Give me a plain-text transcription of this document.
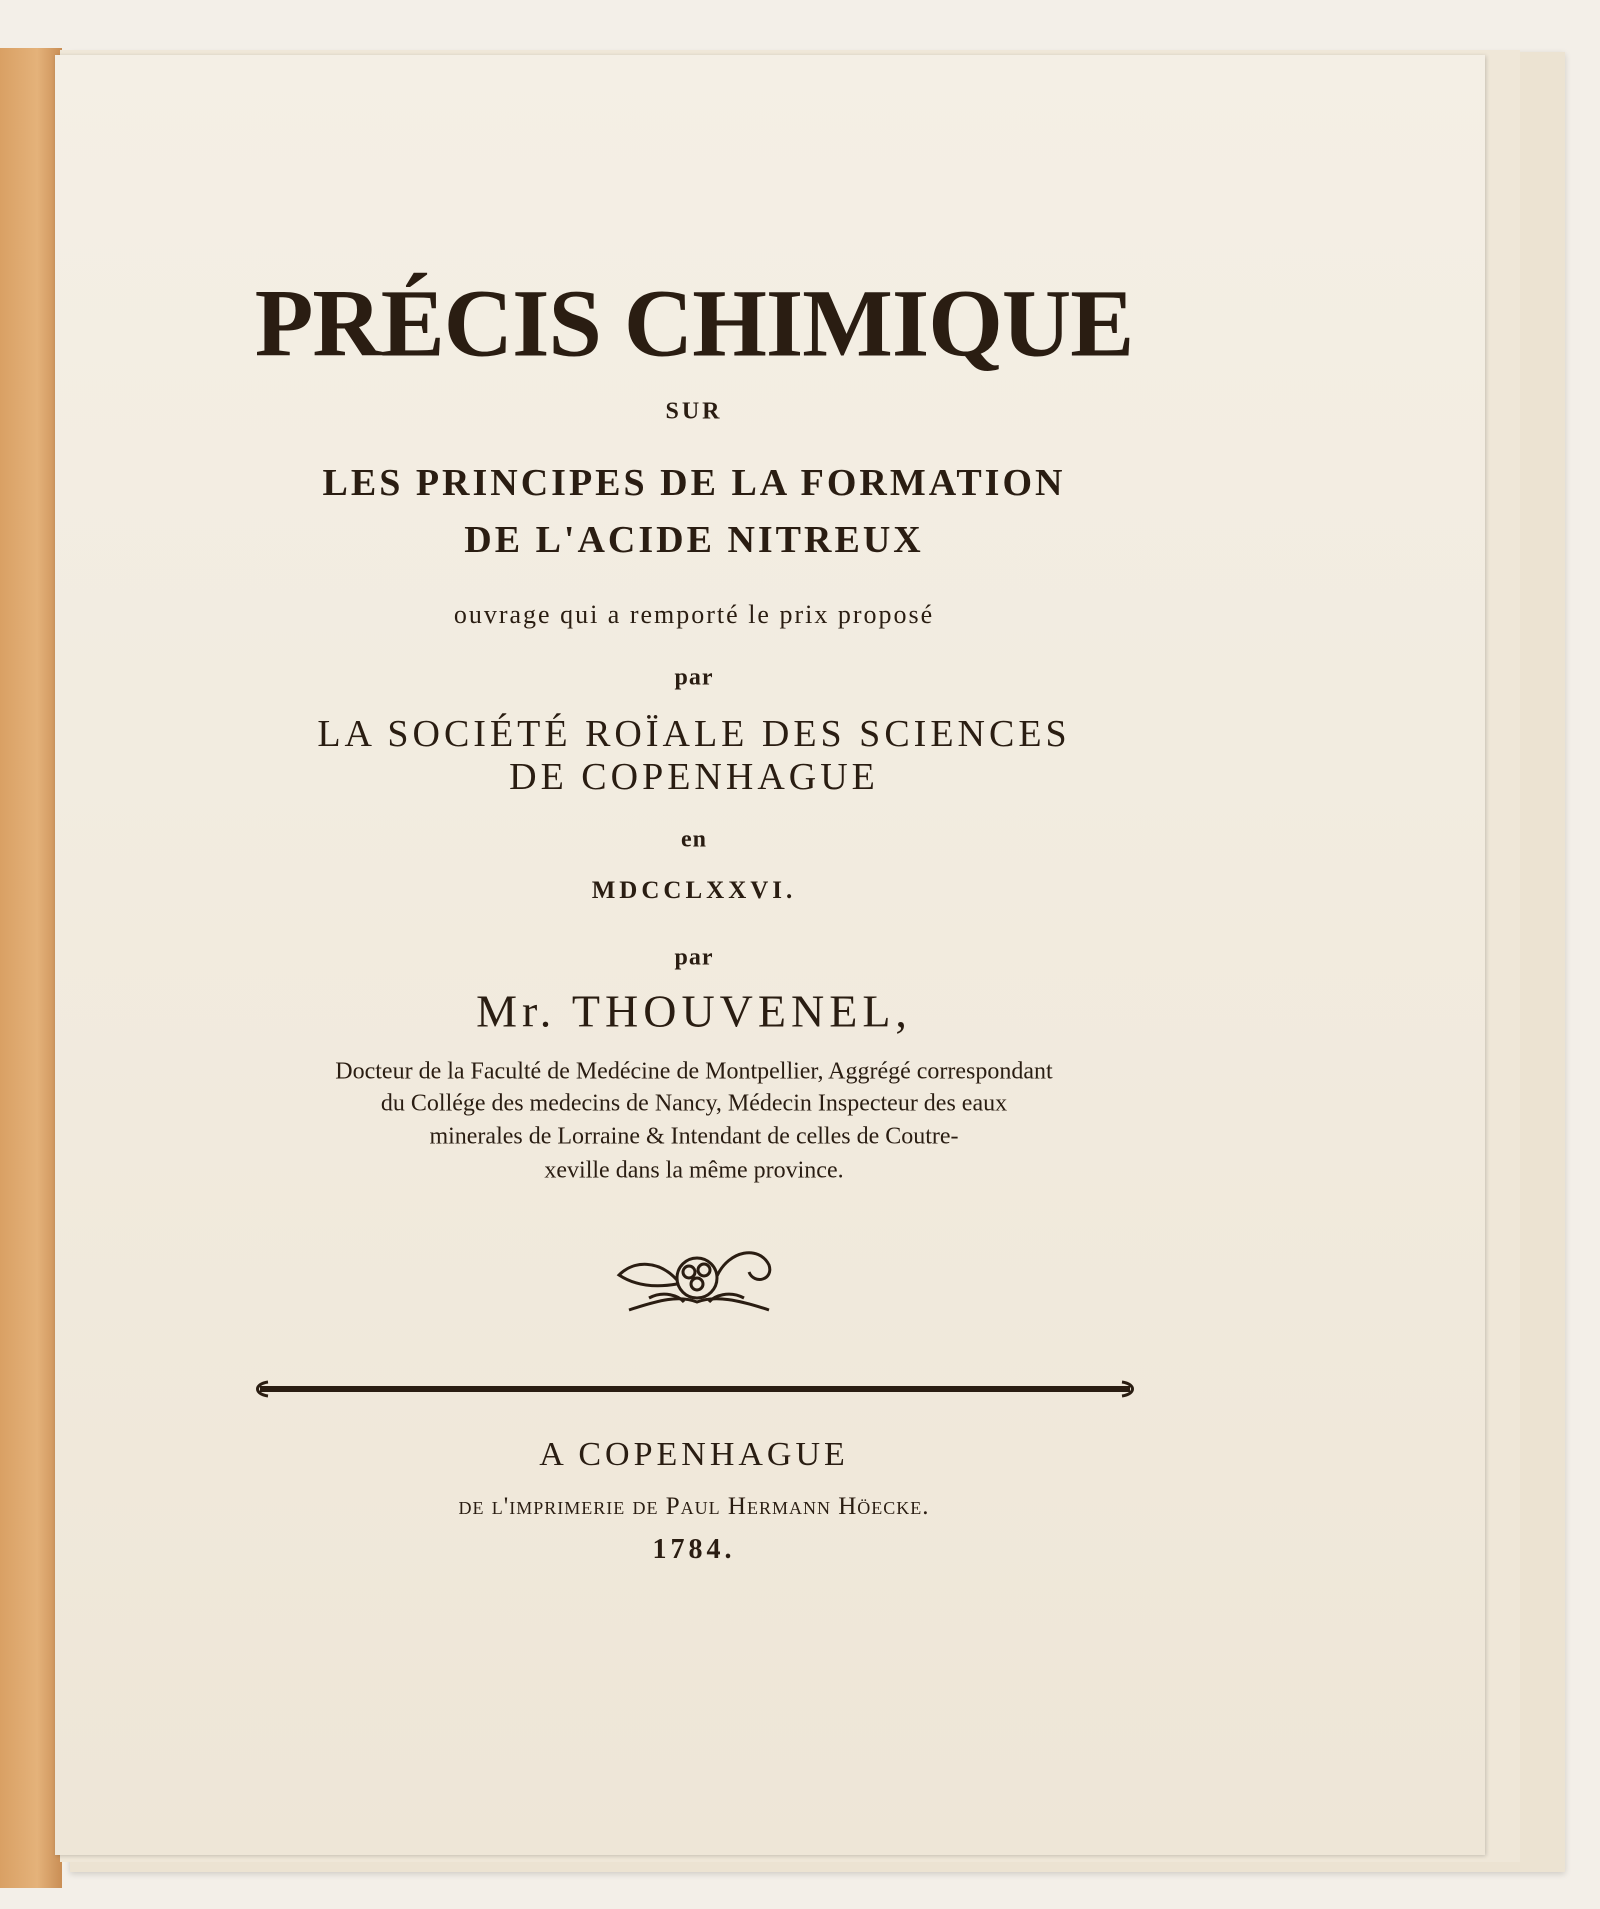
PRÉCIS CHIMIQUE
SUR
LES PRINCIPES DE LA FORMATION
DE L'ACIDE NITREUX
ouvrage qui a remporté le prix proposé
par
LA SOCIÉTÉ ROÏALE DES SCIENCES
DE COPENHAGUE
en
MDCCLXXVI.
par
Mr. THOUVENEL,
Docteur de la Faculté de Medécine de Montpellier, Aggrégé correspondant
du Collége des medecins de Nancy, Médecin Inspecteur des eaux
minerales de Lorraine & Intendant de celles de Coutre-
xeville dans la même province.
A COPENHAGUE
de l'imprimerie de Paul Hermann Höecke.
1784.
